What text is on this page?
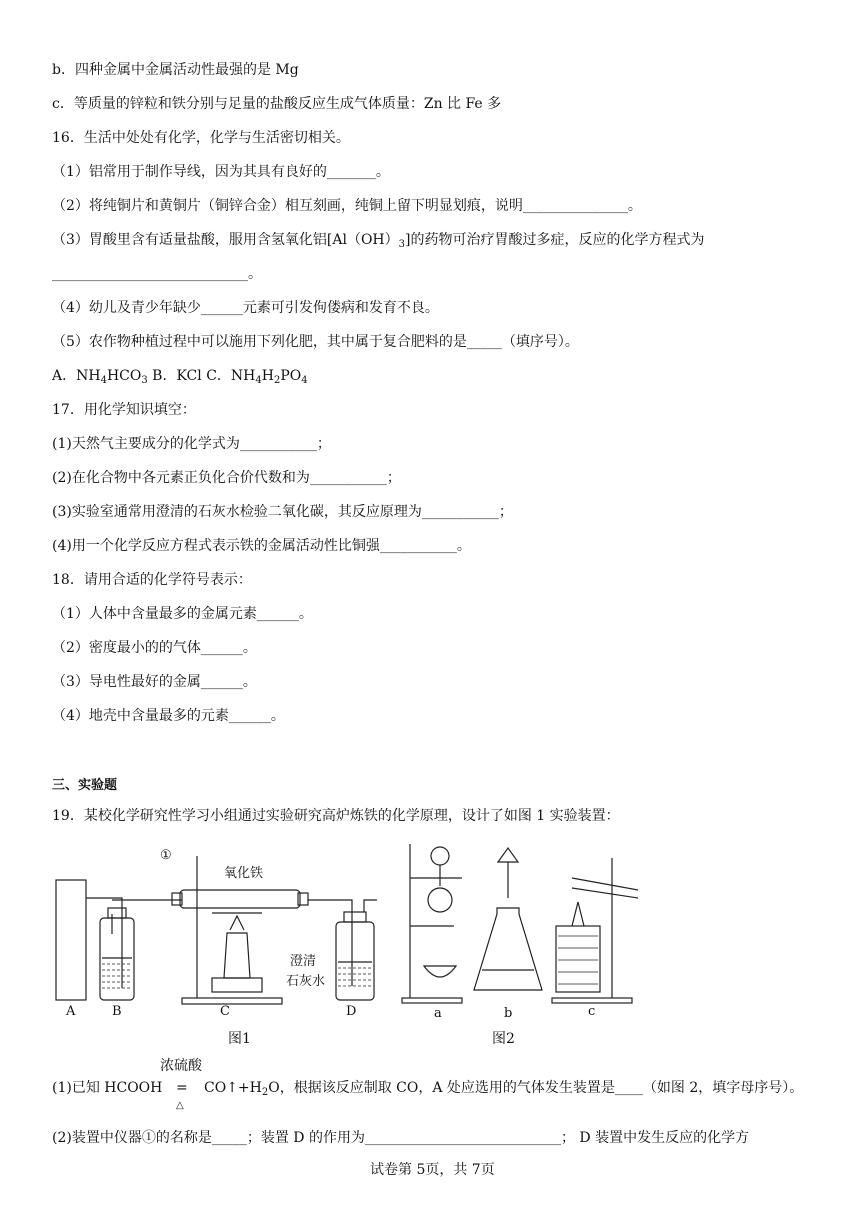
b．四种金属中金属活动性最强的是 Mg
c．等质量的锌粒和铁分别与足量的盐酸反应生成气体质量：Zn 比 Fe 多
16．生活中处处有化学，化学与生活密切相关。
（1）铝常用于制作导线，因为其具有良好的_______。
（2）将纯铜片和黄铜片（铜锌合金）相互刻画，纯铜上留下明显划痕，说明_______________。
（3）胃酸里含有适量盐酸，服用含氢氧化铝$[Al(OH)_3]$的药物可治疗胃酸过多症，反应的化学方程式为
____________________________。
（4）幼儿及青少年缺少______元素可引发佝偻病和发育不良。
（5）农作物种植过程中可以施用下列化肥，其中属于复合肥料的是_____（填序号）。
A．$NH_4HCO_3$ B．KCl C．$NH_4H_2PO_4$
17．用化学知识填空：
(1)天然气主要成分的化学式为___________；
(2)在化合物中各元素正负化合价代数和为___________；
(3)实验室通常用澄清的石灰水检验二氧化碳，其反应原理为___________；
(4)用一个化学反应方程式表示铁的金属活动性比铜强___________。
18．请用合适的化学符号表示：
（1）人体中含量最多的金属元素______。
（2）密度最小的的气体______。
（3）导电性最好的金属______。
（4）地壳中含量最多的元素______。
三、实验题
19．某校化学研究性学习小组通过实验研究高炉炼铁的化学原理，设计了如图 1 实验装置：
①
氧化铁
澄清
石灰水
A	B	C	D	a	b	c
图1	图2
浓硫酸
(1)已知 HCOOH =
△
$CO↑+H_2O$，根据该反应制取 CO，A 处应选用的气体发生装置是____（如图 2，填字母序号）。
(2)装置中仪器①的名称是_____；装置 D 的作用为____________________________； D 装置中发生反应的化学方
试卷第 5页，共 7页
